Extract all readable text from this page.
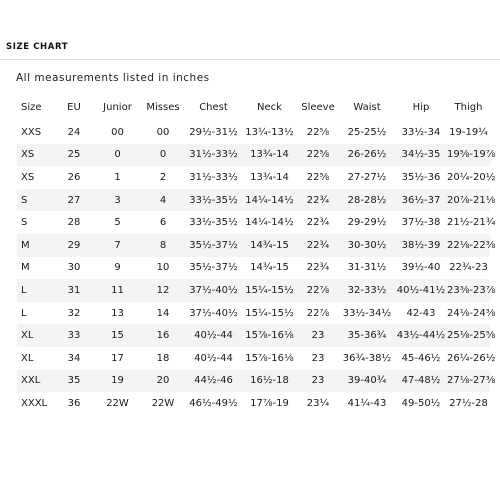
SIZE CHART
All measurements listed in inches
Size	EU	Junior	Misses	Chest	Neck	Sleeve	Waist	Hip	Thigh
XXS	24	00	00	29½-31½	13¼-13½	22⅝	25-25½	33½-34	19-19¼
XS	25	0	0	31½-33½	13¾-14	22⅝	26-26½	34½-35	19⅝-19⅞
XS	26	1	2	31½-33½	13¾-14	22⅝	27-27½	35½-36	20¼-20½
S	27	3	4	33½-35½	14¼-14½	22¾	28-28½	36½-37	20⅞-21⅛
S	28	5	6	33½-35½	14¼-14½	22¾	29-29½	37½-38	21½-21¾
M	29	7	8	35½-37½	14¾-15	22¾	30-30½	38½-39	22⅛-22⅜
M	30	9	10	35½-37½	14¾-15	22¾	31-31½	39½-40	22¾-23
L	31	11	12	37½-40½	15¼-15½	22⅞	32-33½	40½-41½	23⅜-23⅞
L	32	13	14	37½-40½	15¼-15½	22⅞	33½-34½	42-43	24⅛-24⅜
XL	33	15	16	40½-44	15⅞-16⅛	23	35-36¾	43½-44½	25⅛-25⅝
XL	34	17	18	40½-44	15⅞-16⅛	23	36¾-38½	45-46½	26¼-26½
XXL	35	19	20	44½-46	16½-18	23	39-40¾	47-48½	27⅛-27⅜
XXXL	36	22W	22W	46½-49½	17⅞-19	23¼	41¼-43	49-50½	27½-28
